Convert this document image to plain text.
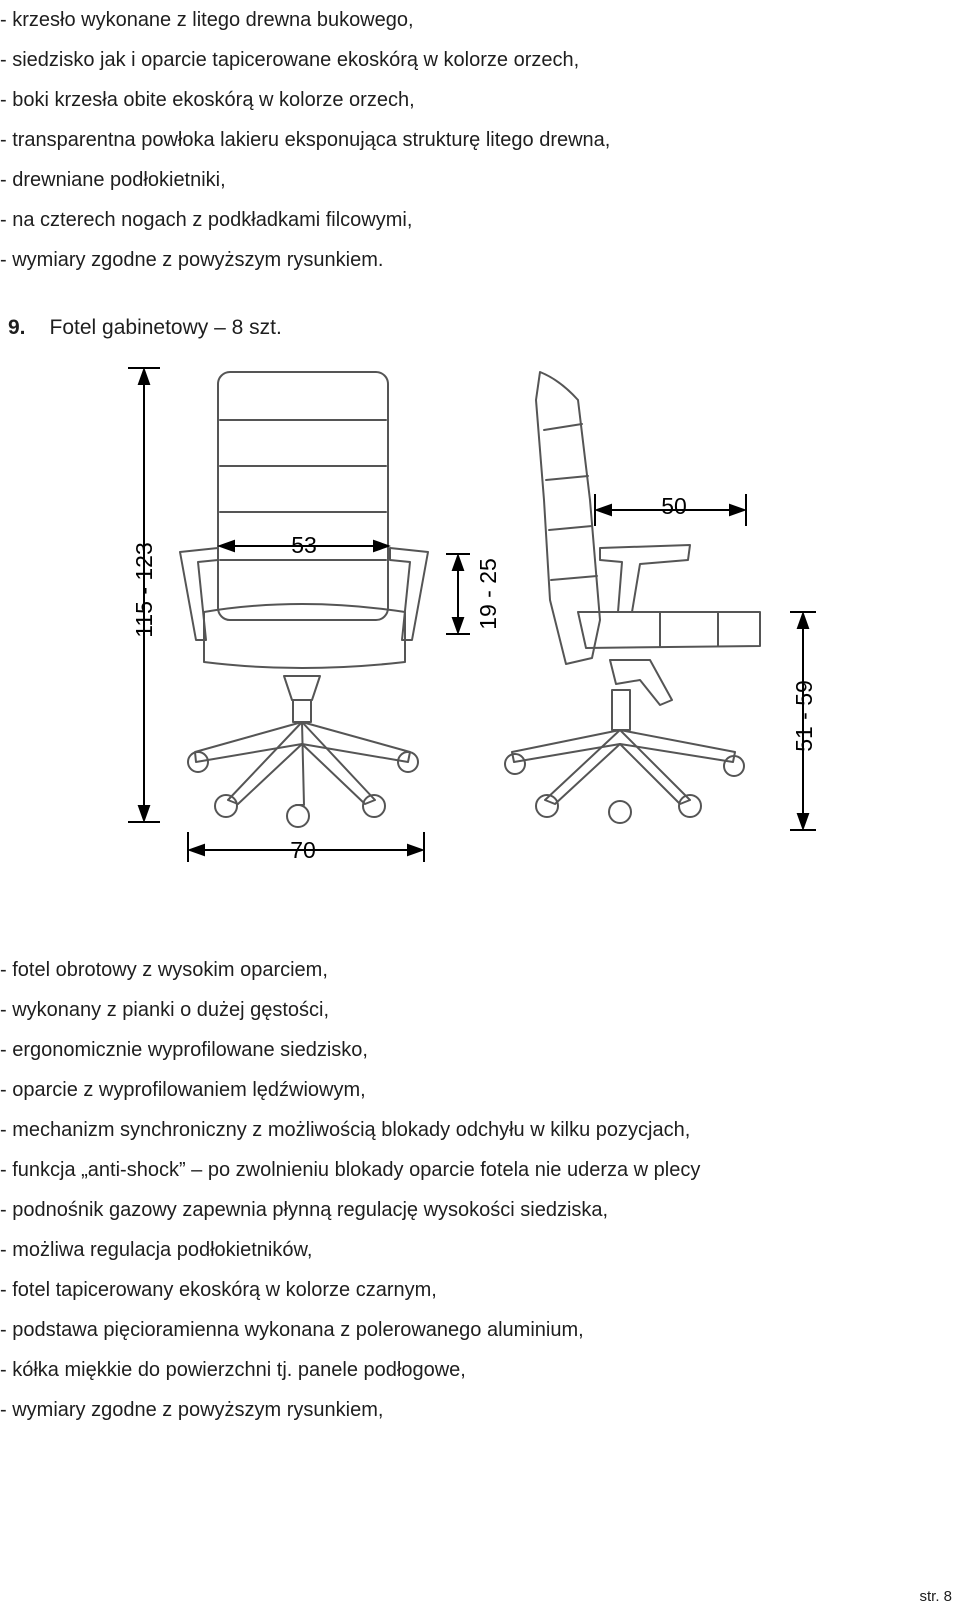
- krzesło wykonane z litego drewna bukowego,
- siedzisko jak i oparcie tapicerowane ekoskórą w kolorze orzech,
- boki krzesła obite ekoskórą w kolorze orzech,
- transparentna powłoka lakieru eksponująca strukturę litego drewna,
- drewniane podłokietniki,
- na czterech nogach z podkładkami filcowymi,
- wymiary zgodne z powyższym rysunkiem.
9. Fotel gabinetowy – 8 szt.
115 - 123	53
19 - 25
70
50
51 - 59
- fotel obrotowy z wysokim oparciem,
- wykonany z pianki o dużej gęstości,
- ergonomicznie wyprofilowane siedzisko,
- oparcie z wyprofilowaniem lędźwiowym,
- mechanizm synchroniczny z możliwością blokady odchyłu w kilku pozycjach,
- funkcja „anti-shock” – po zwolnieniu blokady oparcie fotela nie uderza w plecy
- podnośnik gazowy zapewnia płynną regulację wysokości siedziska,
- możliwa regulacja podłokietników,
- fotel tapicerowany ekoskórą w kolorze czarnym,
- podstawa pięcioramienna wykonana z polerowanego aluminium,
- kółka miękkie do powierzchni tj. panele podłogowe,
- wymiary zgodne z powyższym rysunkiem,
str. 8
